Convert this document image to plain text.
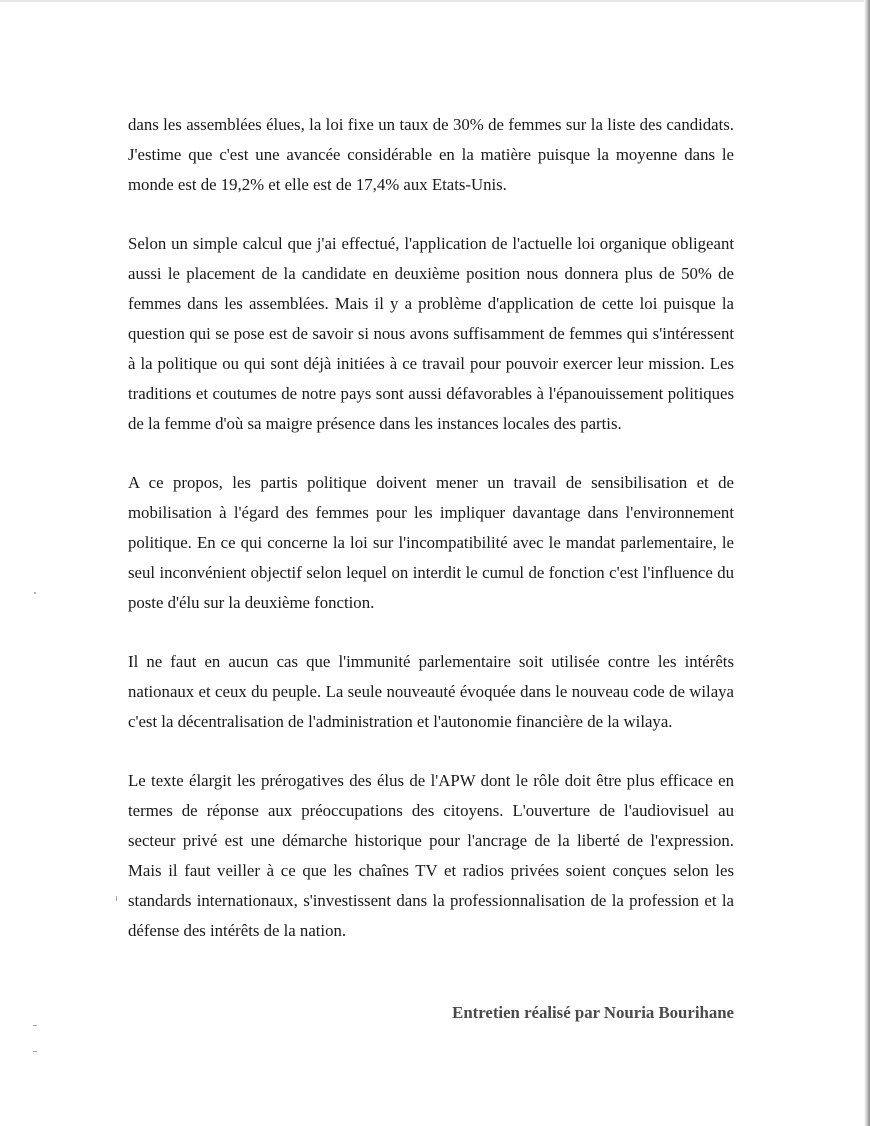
dans les assemblées élues, la loi fixe un taux de 30% de femmes sur la liste des candidats. J'estime que c'est une avancée considérable en la matière puisque la moyenne dans le monde est de 19,2% et elle est de 17,4% aux Etats-Unis.

Selon un simple calcul que j'ai effectué, l'application de l'actuelle loi organique obligeant aussi le placement de la candidate en deuxième position nous donnera plus de 50% de femmes dans les assemblées. Mais il y a problème d'application de cette loi puisque la question qui se pose est de savoir si nous avons suffisamment de femmes qui s'intéressent à la politique ou qui sont déjà initiées à ce travail pour pouvoir exercer leur mission. Les traditions et coutumes de notre pays sont aussi défavorables à l'épanouissement politiques de la femme d'où sa maigre présence dans les instances locales des partis.

A ce propos, les partis politique doivent mener un travail de sensibilisation et de mobilisation à l'égard des femmes pour les impliquer davantage dans l'environnement politique. En ce qui concerne la loi sur l'incompatibilité avec le mandat parlementaire, le seul inconvénient objectif selon lequel on interdit le cumul de fonction c'est l'influence du poste d'élu sur la deuxième fonction.

Il ne faut en aucun cas que l'immunité parlementaire soit utilisée contre les intérêts nationaux et ceux du peuple. La seule nouveauté évoquée dans le nouveau code de wilaya c'est la décentralisation de l'administration et l'autonomie financière de la wilaya.

Le texte élargit les prérogatives des élus de l'APW dont le rôle doit être plus efficace en termes de réponse aux préoccupations des citoyens. L'ouverture de l'audiovisuel au secteur privé est une démarche historique pour l'ancrage de la liberté de l'expression. Mais il faut veiller à ce que les chaînes TV et radios privées soient conçues selon les standards internationaux, s'investissent dans la professionnalisation de la profession et la défense des intérêts de la nation.

Entretien réalisé par Nouria Bourihane
